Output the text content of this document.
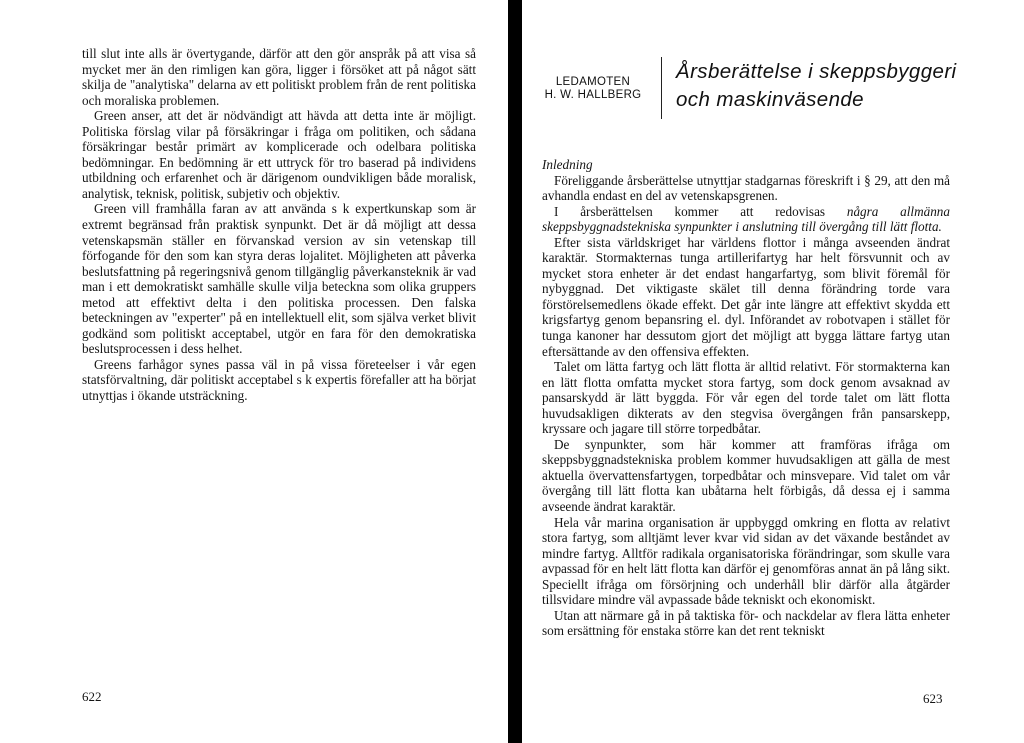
till slut inte alls är övertygande, därför att den gör anspråk på att visa så mycket mer än den rimligen kan göra, ligger i försöket att på något sätt skilja de "analytiska" delarna av ett politiskt problem från de rent politiska och moraliska problemen.

Green anser, att det är nödvändigt att hävda att detta inte är möjligt. Politiska förslag vilar på försäkringar i fråga om politiken, och sådana försäkringar består primärt av komplicerade och odelbara politiska bedömningar. En bedömning är ett uttryck för tro baserad på individens utbildning och erfarenhet och är därigenom oundvikligen både moralisk, analytisk, teknisk, politisk, subjetiv och objektiv.

Green vill framhålla faran av att använda s k expertkunskap som är extremt begränsad från praktisk synpunkt. Det är då möjligt att dessa vetenskapsmän ställer en förvanskad version av sin vetenskap till förfogande för den som kan styra deras lojalitet. Möjligheten att påverka beslutsfattning på regeringsnivå genom tillgänglig påverkansteknik är vad man i ett demokratiskt samhälle skulle vilja beteckna som olika gruppers metod att effektivt delta i den politiska processen. Den falska beteckningen av "experter" på en intellektuell elit, som själva verket blivit godkänd som politiskt acceptabel, utgör en fara för den demokratiska beslutsprocessen i dess helhet.

Greens farhågor synes passa väl in på vissa företeelser i vår egen statsförvaltning, där politiskt acceptabel s k expertis förefaller att ha börjat utnyttjas i ökande utsträckning.

622
LEDAMOTEN
H. W. HALLBERG
Årsberättelse i skeppsbyggeri
och maskinväsende

Inledning

Föreliggande årsberättelse utnyttjar stadgarnas föreskrift i § 29, att den må avhandla endast en del av vetenskapsgrenen.

I årsberättelsen kommer att redovisas några allmänna skeppsbyggnadstekniska synpunkter i anslutning till övergång till lätt flotta.

Efter sista världskriget har världens flottor i många avseenden ändrat karaktär. Stormakternas tunga artillerifartyg har helt försvunnit och av mycket stora enheter är det endast hangarfartyg, som blivit föremål för nybyggnad. Det viktigaste skälet till denna förändring torde vara förstörelsemedlens ökade effekt. Det går inte längre att effektivt skydda ett krigsfartyg genom bepansring el. dyl. Införandet av robotvapen i stället för tunga kanoner har dessutom gjort det möjligt att bygga lättare fartyg utan eftersättande av den offensiva effekten.

Talet om lätta fartyg och lätt flotta är alltid relativt. För stormakterna kan en lätt flotta omfatta mycket stora fartyg, som dock genom avsaknad av pansarskydd är lätt byggda. För vår egen del torde talet om lätt flotta huvudsakligen dikterats av den stegvisa övergången från pansarskepp, kryssare och jagare till större torpedbåtar.

De synpunkter, som här kommer att framföras ifråga om skeppsbyggnadstekniska problem kommer huvudsakligen att gälla de mest aktuella övervattensfartygen, torpedbåtar och minsvepare. Vid talet om vår övergång till lätt flotta kan ubåtarna helt förbigås, då dessa ej i samma avseende ändrat karaktär.

Hela vår marina organisation är uppbyggd omkring en flotta av relativt stora fartyg, som alltjämt lever kvar vid sidan av det växande beståndet av mindre fartyg. Alltför radikala organisatoriska förändringar, som skulle vara avpassad för en helt lätt flotta kan därför ej genomföras annat än på lång sikt. Speciellt ifråga om försörjning och underhåll blir därför alla åtgärder tillsvidare mindre väl avpassade både tekniskt och ekonomiskt.

Utan att närmare gå in på taktiska för- och nackdelar av flera lätta enheter som ersättning för enstaka större kan det rent tekniskt

623
